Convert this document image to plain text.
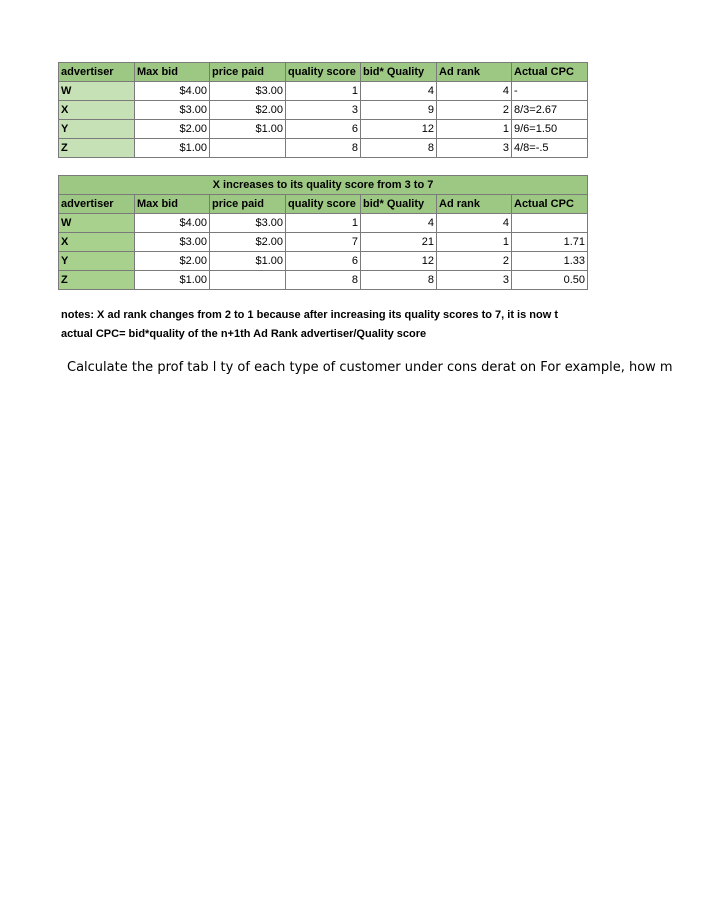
advertiser	Max bid	price paid	quality score	bid* Quality	Ad rank	Actual CPC
W	$4.00	$3.00	1	4	4	-
X	$3.00	$2.00	3	9	2	8/3=2.67
Y	$2.00	$1.00	6	12	1	9/6=1.50
Z	$1.00		8	8	3	4/8=-.5
X increases to its quality score from 3 to 7						
advertiser	Max bid	price paid	quality score	bid* Quality	Ad rank	Actual CPC
W	$4.00	$3.00	1	4	4	
X	$3.00	$2.00	7	21	1	1.71
Y	$2.00	$1.00	6	12	2	1.33
Z	$1.00		8	8	3	0.50
notes: X ad rank changes from 2 to 1 because after increasing its quality scores to 7, it is now t
actual CPC= bid*quality of the n+1th Ad Rank advertiser/Quality score
Calculate the prof tab l ty of each type of customer under cons derat on For example, how m
